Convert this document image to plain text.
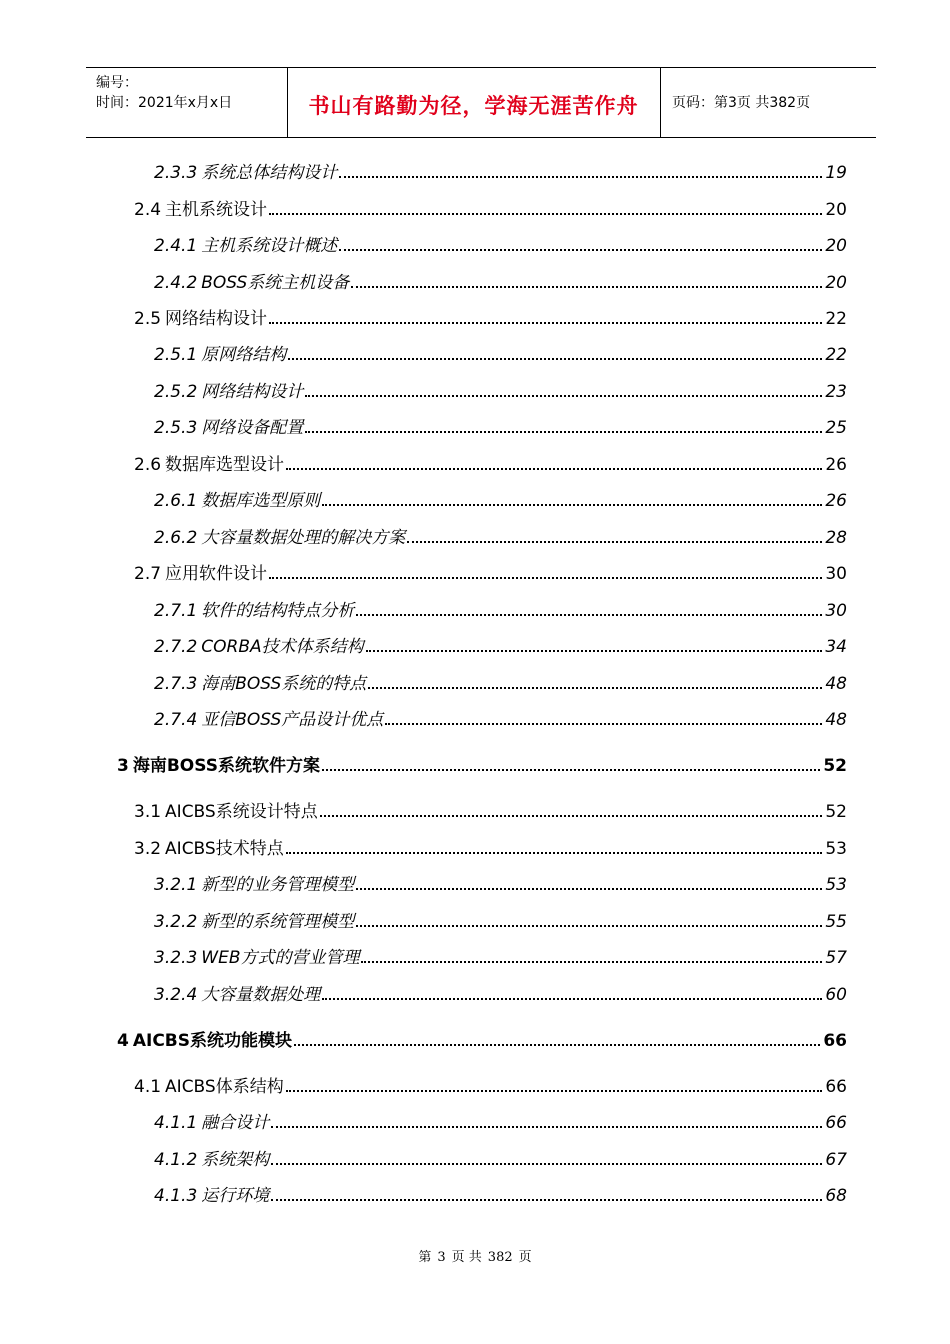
编号：
时间：2021年x月x日	书山有路勤为径，学海无涯苦作舟	页码：第3页 共382页
2.3.3 系统总体结构设计	19
2.4 主机系统设计	20
2.4.1 主机系统设计概述	20
2.4.2 BOSS系统主机设备	20
2.5 网络结构设计	22
2.5.1 原网络结构	22
2.5.2 网络结构设计	23
2.5.3 网络设备配置	25
2.6 数据库选型设计	26
2.6.1 数据库选型原则	26
2.6.2 大容量数据处理的解决方案	28
2.7 应用软件设计	30
2.7.1 软件的结构特点分析	30
2.7.2 CORBA技术体系结构	34
2.7.3 海南BOSS系统的特点	48
2.7.4 亚信BOSS产品设计优点	48
3 海南BOSS系统软件方案	52
3.1 AICBS系统设计特点	52
3.2 AICBS技术特点	53
3.2.1 新型的业务管理模型	53
3.2.2 新型的系统管理模型	55
3.2.3 WEB方式的营业管理	57
3.2.4 大容量数据处理	60
4 AICBS系统功能模块	66
4.1 AICBS体系结构	66
4.1.1 融合设计	66
4.1.2 系统架构	67
4.1.3 运行环境	68
第 3 页 共 382 页
